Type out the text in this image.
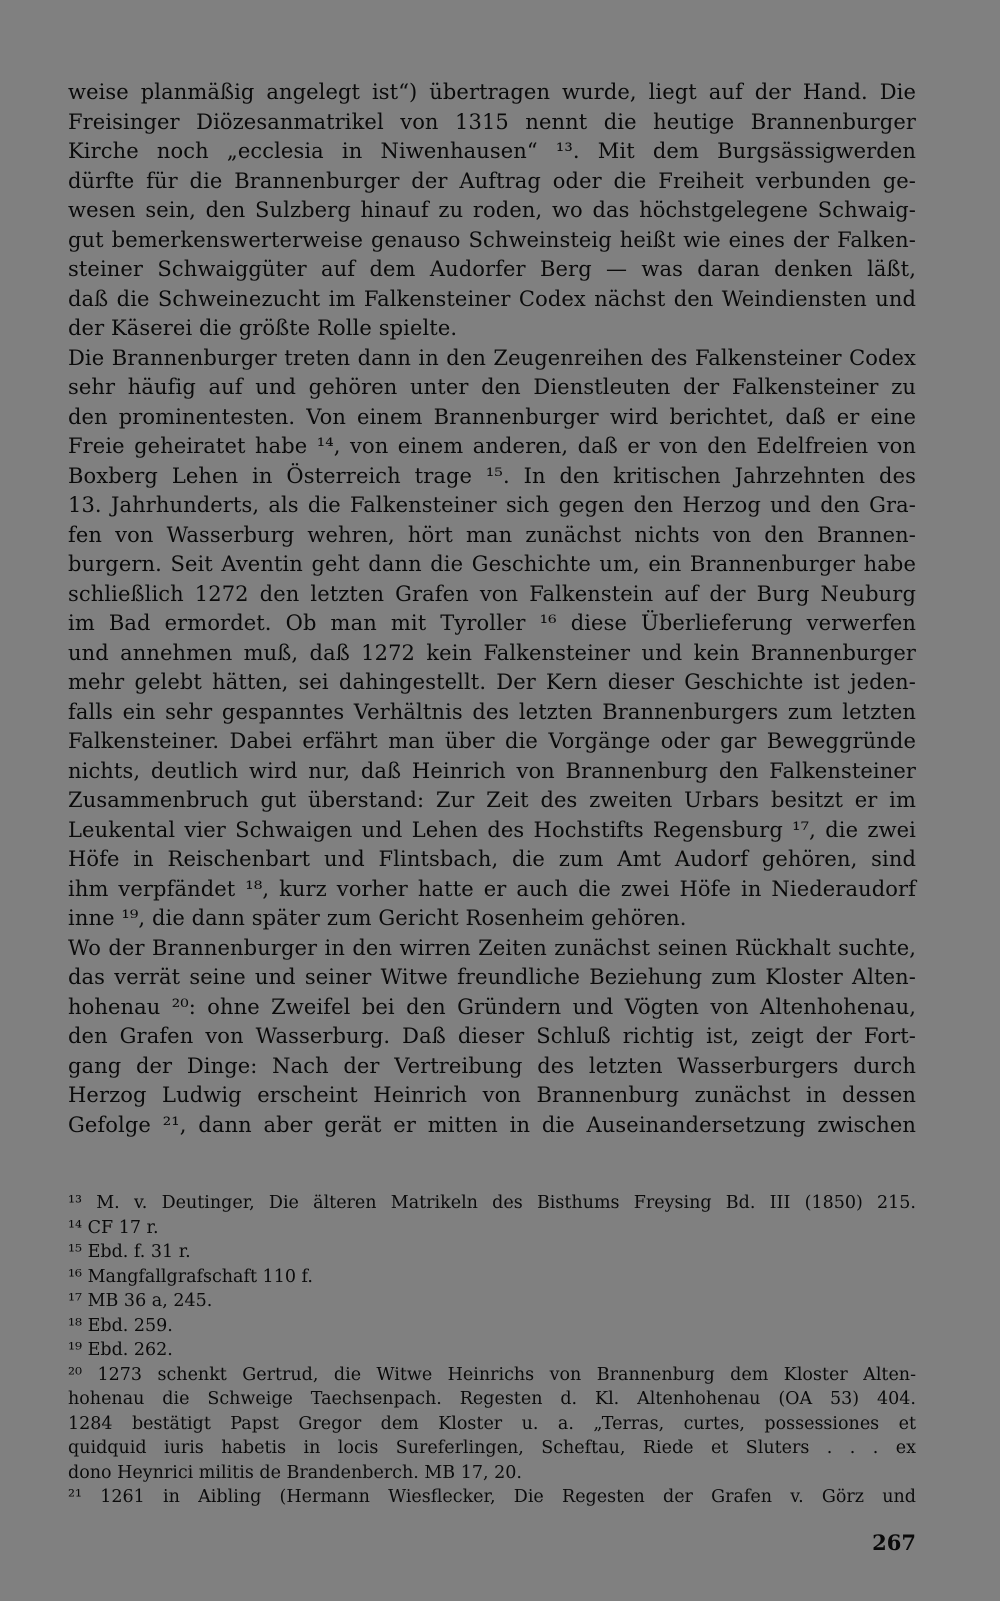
weise planmäßig angelegt ist“) übertragen wurde, liegt auf der Hand. Die
Freisinger Diözesanmatrikel von 1315 nennt die heutige Brannenburger
Kirche noch „ecclesia in Niwenhausen“ ¹³. Mit dem Burgsässigwerden
dürfte für die Brannenburger der Auftrag oder die Freiheit verbunden ge-
wesen sein, den Sulzberg hinauf zu roden, wo das höchstgelegene Schwaig-
gut bemerkenswerterweise genauso Schweinsteig heißt wie eines der Falken-
steiner Schwaiggüter auf dem Audorfer Berg — was daran denken läßt,
daß die Schweinezucht im Falkensteiner Codex nächst den Weindiensten und
der Käserei die größte Rolle spielte.
Die Brannenburger treten dann in den Zeugenreihen des Falkensteiner Codex
sehr häufig auf und gehören unter den Dienstleuten der Falkensteiner zu
den prominentesten. Von einem Brannenburger wird berichtet, daß er eine
Freie geheiratet habe ¹⁴, von einem anderen, daß er von den Edelfreien von
Boxberg Lehen in Österreich trage ¹⁵. In den kritischen Jahrzehnten des
13. Jahrhunderts, als die Falkensteiner sich gegen den Herzog und den Gra-
fen von Wasserburg wehren, hört man zunächst nichts von den Brannen-
burgern. Seit Aventin geht dann die Geschichte um, ein Brannenburger habe
schließlich 1272 den letzten Grafen von Falkenstein auf der Burg Neuburg
im Bad ermordet. Ob man mit Tyroller ¹⁶ diese Überlieferung verwerfen
und annehmen muß, daß 1272 kein Falkensteiner und kein Brannenburger
mehr gelebt hätten, sei dahingestellt. Der Kern dieser Geschichte ist jeden-
falls ein sehr gespanntes Verhältnis des letzten Brannenburgers zum letzten
Falkensteiner. Dabei erfährt man über die Vorgänge oder gar Beweggründe
nichts, deutlich wird nur, daß Heinrich von Brannenburg den Falkensteiner
Zusammenbruch gut überstand: Zur Zeit des zweiten Urbars besitzt er im
Leukental vier Schwaigen und Lehen des Hochstifts Regensburg ¹⁷, die zwei
Höfe in Reischenbart und Flintsbach, die zum Amt Audorf gehören, sind
ihm verpfändet ¹⁸, kurz vorher hatte er auch die zwei Höfe in Niederaudorf
inne ¹⁹, die dann später zum Gericht Rosenheim gehören.
Wo der Brannenburger in den wirren Zeiten zunächst seinen Rückhalt suchte,
das verrät seine und seiner Witwe freundliche Beziehung zum Kloster Alten-
hohenau ²⁰: ohne Zweifel bei den Gründern und Vögten von Altenhohenau,
den Grafen von Wasserburg. Daß dieser Schluß richtig ist, zeigt der Fort-
gang der Dinge: Nach der Vertreibung des letzten Wasserburgers durch
Herzog Ludwig erscheint Heinrich von Brannenburg zunächst in dessen
Gefolge ²¹, dann aber gerät er mitten in die Auseinandersetzung zwischen
¹³ M. v. Deutinger, Die älteren Matrikeln des Bisthums Freysing Bd. III (1850) 215.
¹⁴ CF 17 r.
¹⁵ Ebd. f. 31 r.
¹⁶ Mangfallgrafschaft 110 f.
¹⁷ MB 36 a, 245.
¹⁸ Ebd. 259.
¹⁹ Ebd. 262.
²⁰ 1273 schenkt Gertrud, die Witwe Heinrichs von Brannenburg dem Kloster Alten-
hohenau die Schweige Taechsenpach. Regesten d. Kl. Altenhohenau (OA 53) 404.
1284 bestätigt Papst Gregor dem Kloster u. a. „Terras, curtes, possessiones et
quidquid iuris habetis in locis Sureferlingen, Scheftau, Riede et Sluters . . . ex
dono Heynrici militis de Brandenberch. MB 17, 20.
²¹ 1261 in Aibling (Hermann Wiesflecker, Die Regesten der Grafen v. Görz und
267
